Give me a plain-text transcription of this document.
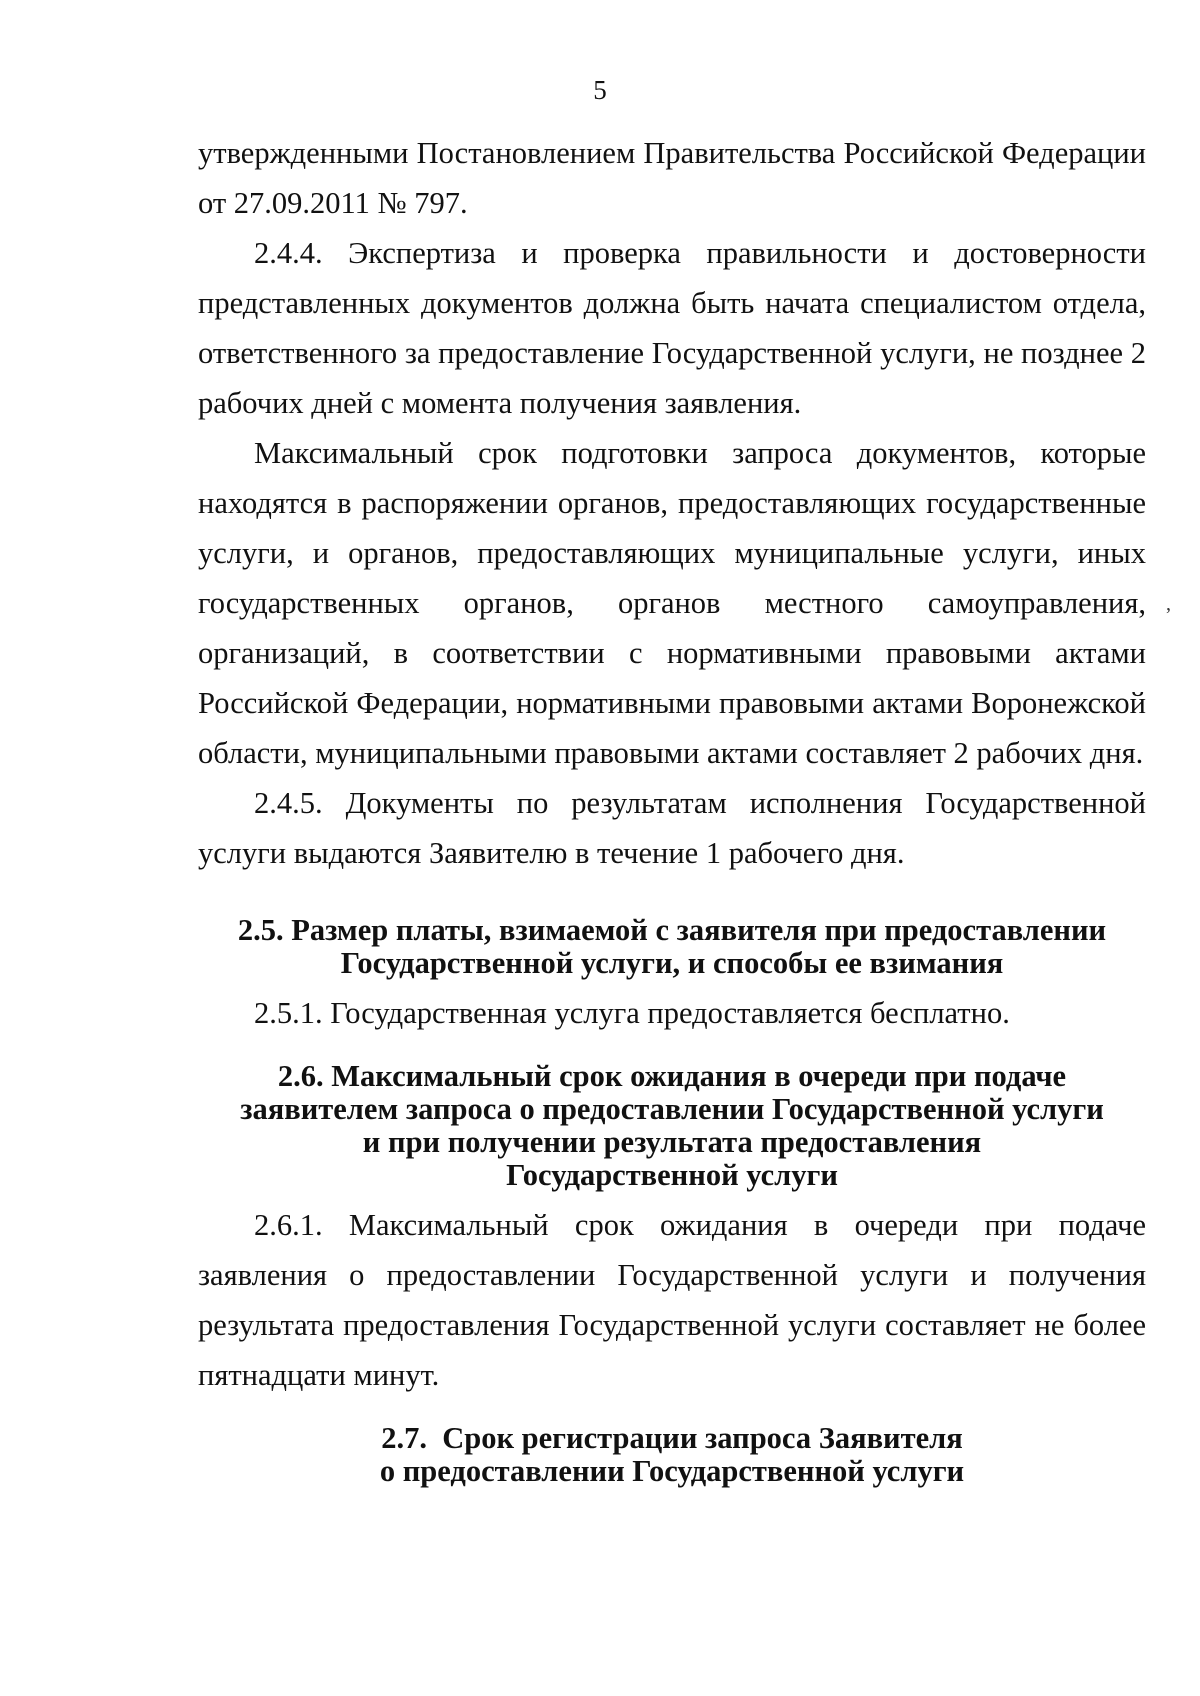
5

утвержденными Постановлением Правительства Российской Федерации от 27.09.2011 № 797.

2.4.4. Экспертиза и проверка правильности и достоверности представленных документов должна быть начата специалистом отдела, ответственного за предоставление Государственной услуги, не позднее 2 рабочих дней с момента получения заявления.

Максимальный срок подготовки запроса документов, которые находятся в распоряжении органов, предоставляющих государственные услуги, и органов, предоставляющих муниципальные услуги, иных государственных органов, органов местного самоуправления, организаций, в соответствии с нормативными правовыми актами Российской Федерации, нормативными правовыми актами Воронежской области, муниципальными правовыми актами составляет 2 рабочих дня.

2.4.5. Документы по результатам исполнения Государственной услуги выдаются Заявителю в течение 1 рабочего дня.

2.5. Размер платы, взимаемой с заявителя при предоставлении

Государственной услуги, и способы ее взимания

2.5.1. Государственная услуга предоставляется бесплатно.

2.6. Максимальный срок ожидания в очереди при подаче

заявителем запроса о предоставлении Государственной услуги

и при получении результата предоставления

Государственной услуги

2.6.1. Максимальный срок ожидания в очереди при подаче заявления о предоставлении Государственной услуги и получения результата предоставления Государственной услуги составляет не более пятнадцати минут.

2.7.  Срок регистрации запроса Заявителя

о предоставлении Государственной услуги

,
